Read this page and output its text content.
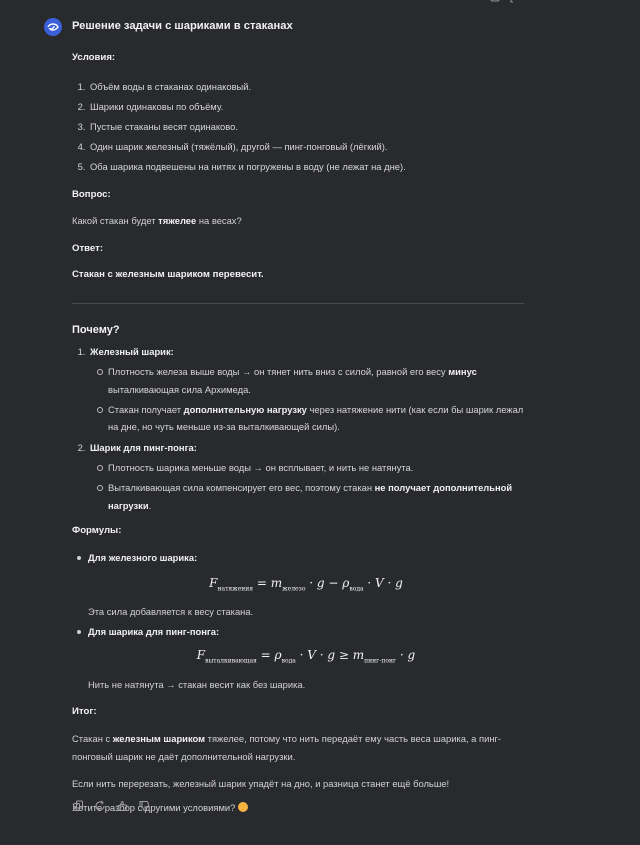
Решение задачи с шариками в стаканах
Условия:
1. Объём воды в стаканах одинаковый.
2. Шарики одинаковы по объёму.
3. Пустые стаканы весят одинаково.
4. Один шарик железный (тяжёлый), другой — пинг-понговый (лёгкий).
5. Оба шарика подвешены на нитях и погружены в воду (не лежат на дне).
Вопрос:
Какой стакан будет тяжелее на весах?
Ответ:
Стакан с железным шариком перевесит.
Почему?
1. Железный шарик:
Плотность железа выше воды → он тянет нить вниз с силой, равной его весу минус выталкивающая сила Архимеда.
Стакан получает дополнительную нагрузку через натяжение нити (как если бы шарик лежал на дне, но чуть меньше из-за выталкивающей силы).
2. Шарик для пинг-понга:
Плотность шарика меньше воды → он всплывает, и нить не натянута.
Выталкивающая сила компенсирует его вес, поэтому стакан не получает дополнительной нагрузки.
Формулы:
Для железного шарика:
$F_{натяжения} = m_{железо} \cdot g - \rho_{вода} \cdot V \cdot g$
Эта сила добавляется к весу стакана.
Для шарика для пинг-понга:
$F_{выталкивающая} = \rho_{вода} \cdot V \cdot g \ge m_{пинг-понг} \cdot g$
Нить не натянута → стакан весит как без шарика.
Итог:
Стакан с железным шариком тяжелее, потому что нить передаёт ему часть веса шарика, а пинг-понговый шарик не даёт дополнительной нагрузки.
Если нить перерезать, железный шарик упадёт на дно, и разница станет ещё больше!
Хотите разбор с другими условиями?
